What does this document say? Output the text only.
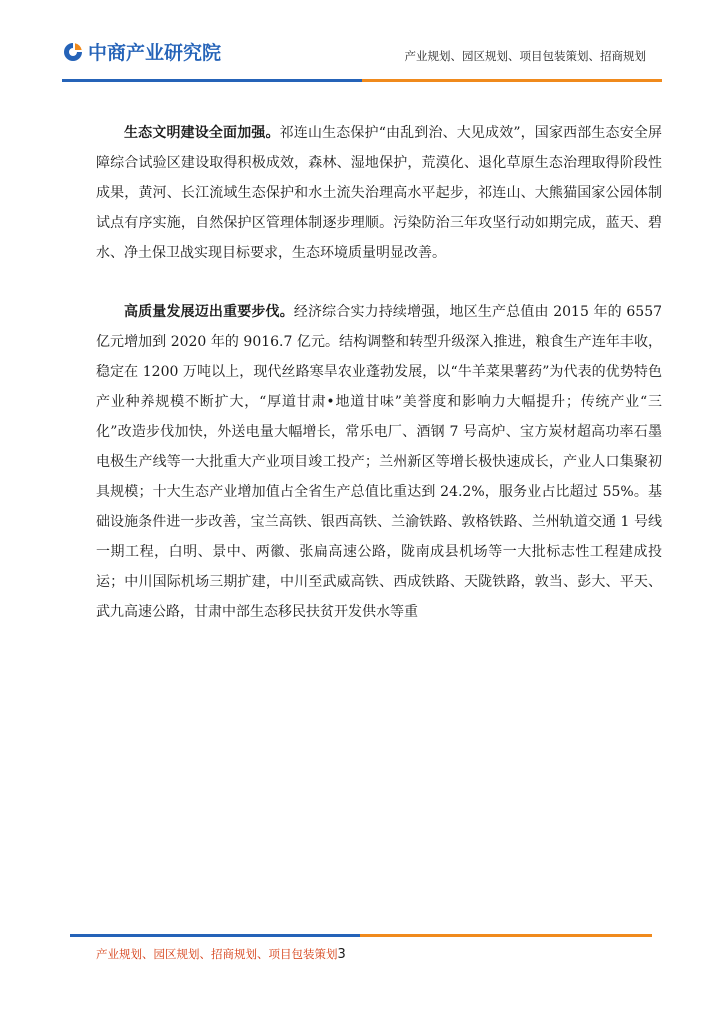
中商产业研究院	产业规划、园区规划、项目包装策划、招商规划

生态文明建设全面加强。祁连山生态保护“由乱到治、大见成效”，国家西部生态安全屏障综合试验区建设取得积极成效，森林、湿地保护，荒漠化、退化草原生态治理取得阶段性成果，黄河、长江流域生态保护和水土流失治理高水平起步，祁连山、大熊猫国家公园体制试点有序实施，自然保护区管理体制逐步理顺。污染防治三年攻坚行动如期完成，蓝天、碧水、净土保卫战实现目标要求，生态环境质量明显改善。

高质量发展迈出重要步伐。经济综合实力持续增强，地区生产总值由 2015 年的 6557 亿元增加到 2020 年的 9016.7 亿元。结构调整和转型升级深入推进，粮食生产连年丰收，稳定在 1200 万吨以上，现代丝路寒旱农业蓬勃发展，以“牛羊菜果薯药”为代表的优势特色产业种养规模不断扩大，“厚道甘肃•地道甘味”美誉度和影响力大幅提升；传统产业“三化”改造步伐加快，外送电量大幅增长，常乐电厂、酒钢 7 号高炉、宝方炭材超高功率石墨电极生产线等一大批重大产业项目竣工投产；兰州新区等增长极快速成长，产业人口集聚初具规模；十大生态产业增加值占全省生产总值比重达到 24.2%，服务业占比超过 55%。基础设施条件进一步改善，宝兰高铁、银西高铁、兰渝铁路、敦格铁路、兰州轨道交通 1 号线一期工程，白明、景中、两徽、张扁高速公路，陇南成县机场等一大批标志性工程建成投运；中川国际机场三期扩建，中川至武威高铁、西成铁路、天陇铁路，敦当、彭大、平天、武九高速公路，甘肃中部生态移民扶贫开发供水等重

产业规划、园区规划、招商规划、项目包装策划3
